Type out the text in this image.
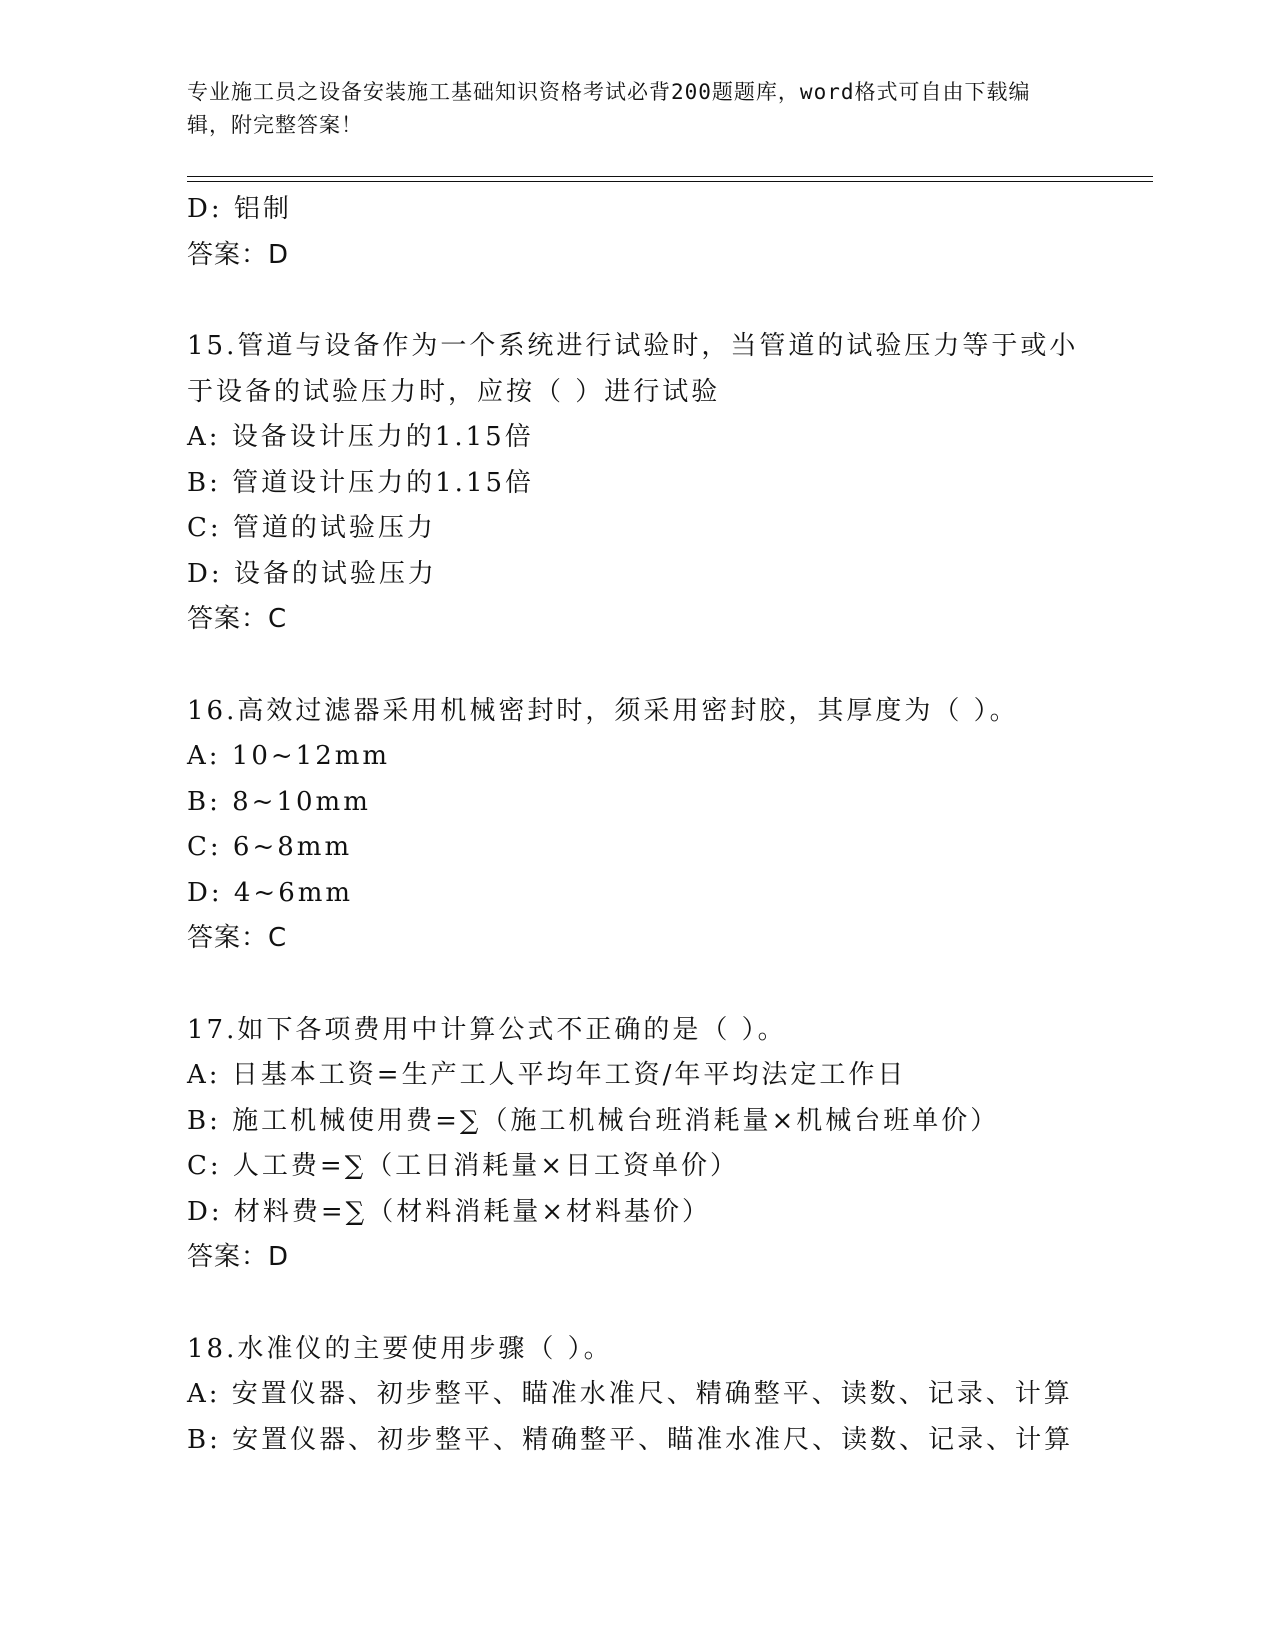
专业施工员之设备安装施工基础知识资格考试必背200题题库，word格式可自由下载编辑，附完整答案！
D: 铝制
答案：D
15.管道与设备作为一个系统进行试验时，当管道的试验压力等于或小
于设备的试验压力时，应按（ ）进行试验
A: 设备设计压力的1.15倍
B: 管道设计压力的1.15倍
C: 管道的试验压力
D: 设备的试验压力
答案：C
16.高效过滤器采用机械密封时，须采用密封胶，其厚度为（ ）。
A: 10~12mm
B: 8~10mm
C: 6~8mm
D: 4~6mm
答案：C
17.如下各项费用中计算公式不正确的是（ ）。
A: 日基本工资=生产工人平均年工资/年平均法定工作日
B: 施工机械使用费=∑（施工机械台班消耗量×机械台班单价）
C: 人工费=∑（工日消耗量×日工资单价）
D: 材料费=∑（材料消耗量×材料基价）
答案：D
18.水准仪的主要使用步骤（ ）。
A: 安置仪器、初步整平、瞄准水准尺、精确整平、读数、记录、计算
B: 安置仪器、初步整平、精确整平、瞄准水准尺、读数、记录、计算
